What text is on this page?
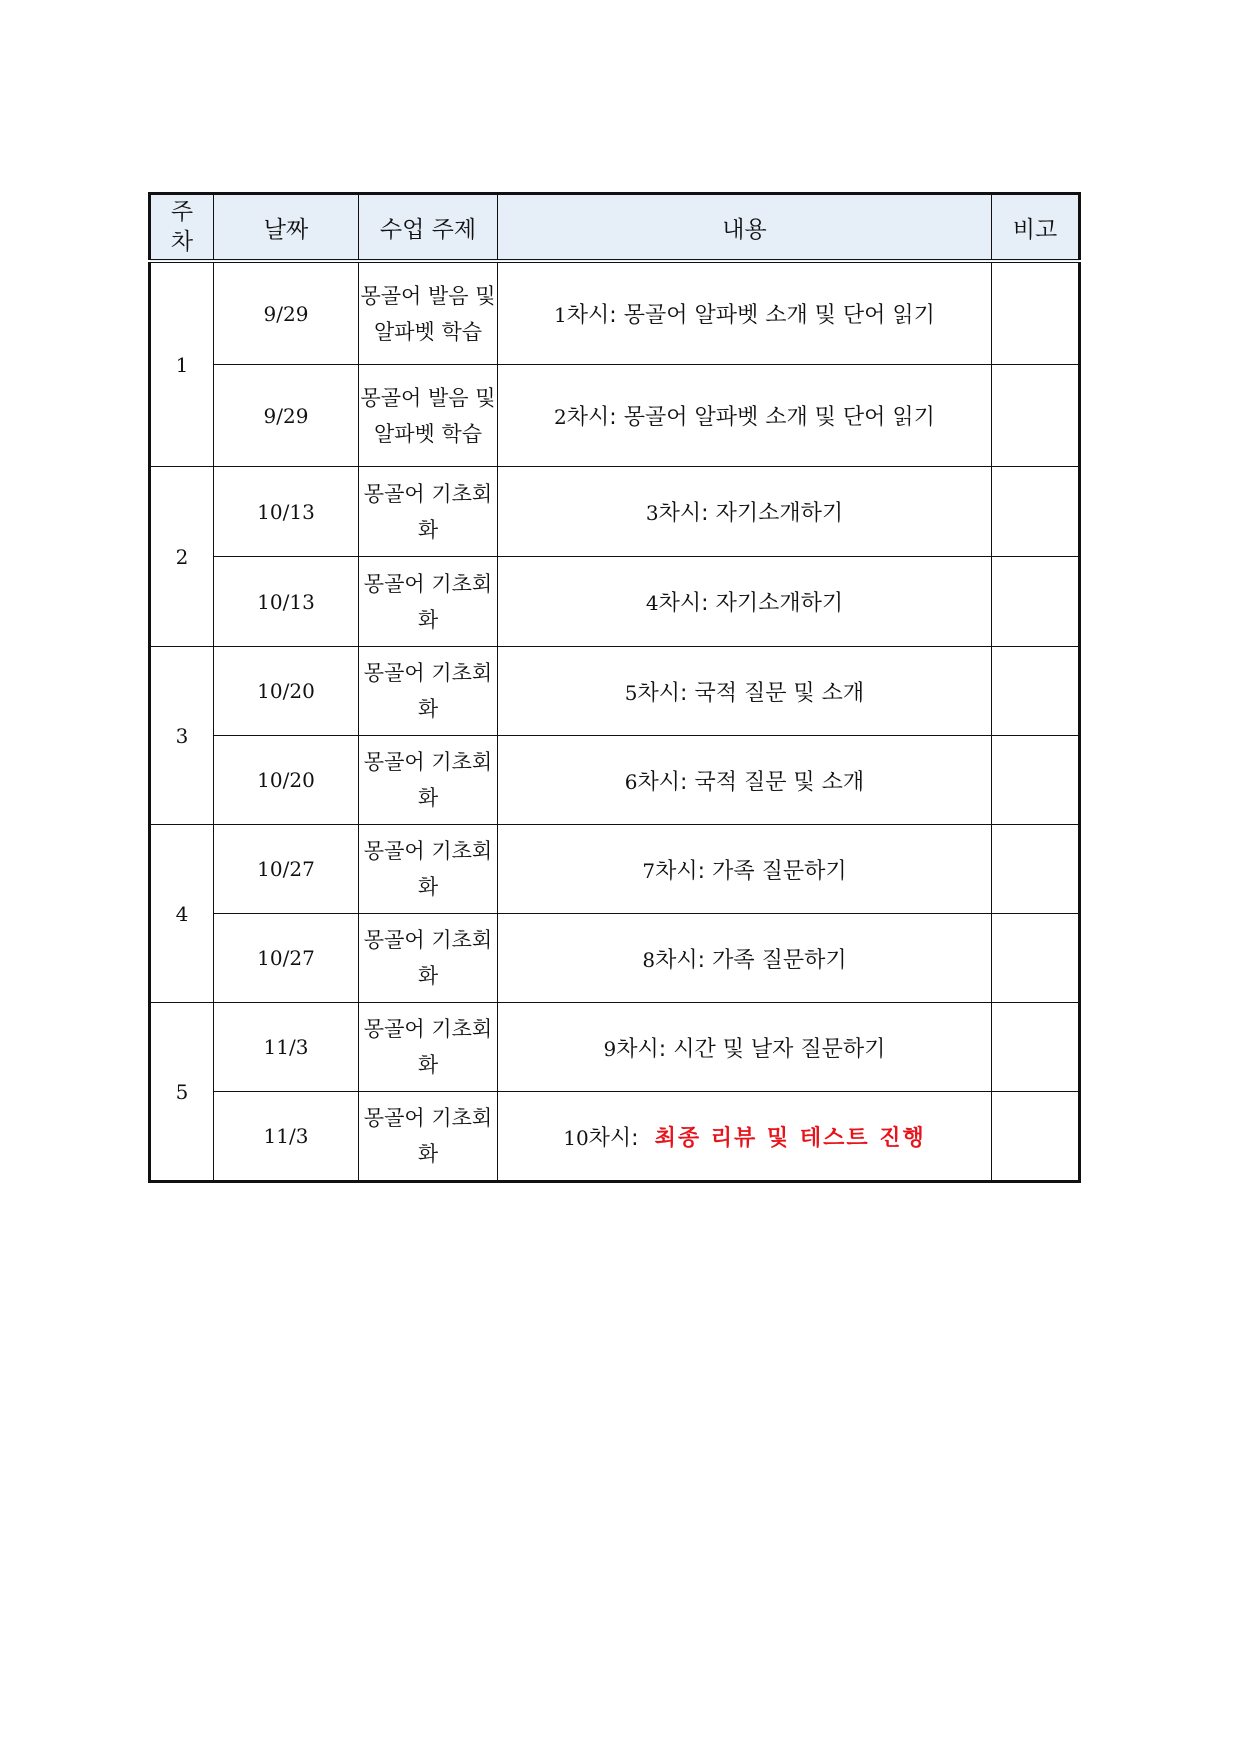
주차	날짜	수업 주제	내용	비고
1	9/29	몽골어 발음 및 알파벳 학습	1차시: 몽골어 알파벳 소개 및 단어 읽기	
	9/29	몽골어 발음 및 알파벳 학습	2차시: 몽골어 알파벳 소개 및 단어 읽기	
2	10/13	몽골어 기초회화	3차시: 자기소개하기	
	10/13	몽골어 기초회화	4차시: 자기소개하기	
3	10/20	몽골어 기초회화	5차시: 국적 질문 및 소개	
	10/20	몽골어 기초회화	6차시: 국적 질문 및 소개	
4	10/27	몽골어 기초회화	7차시: 가족 질문하기	
	10/27	몽골어 기초회화	8차시: 가족 질문하기	
5	11/3	몽골어 기초회화	9차시: 시간 및 날자 질문하기	
	11/3	몽골어 기초회화	10차시: 최종 리뷰 및 테스트 진행	
